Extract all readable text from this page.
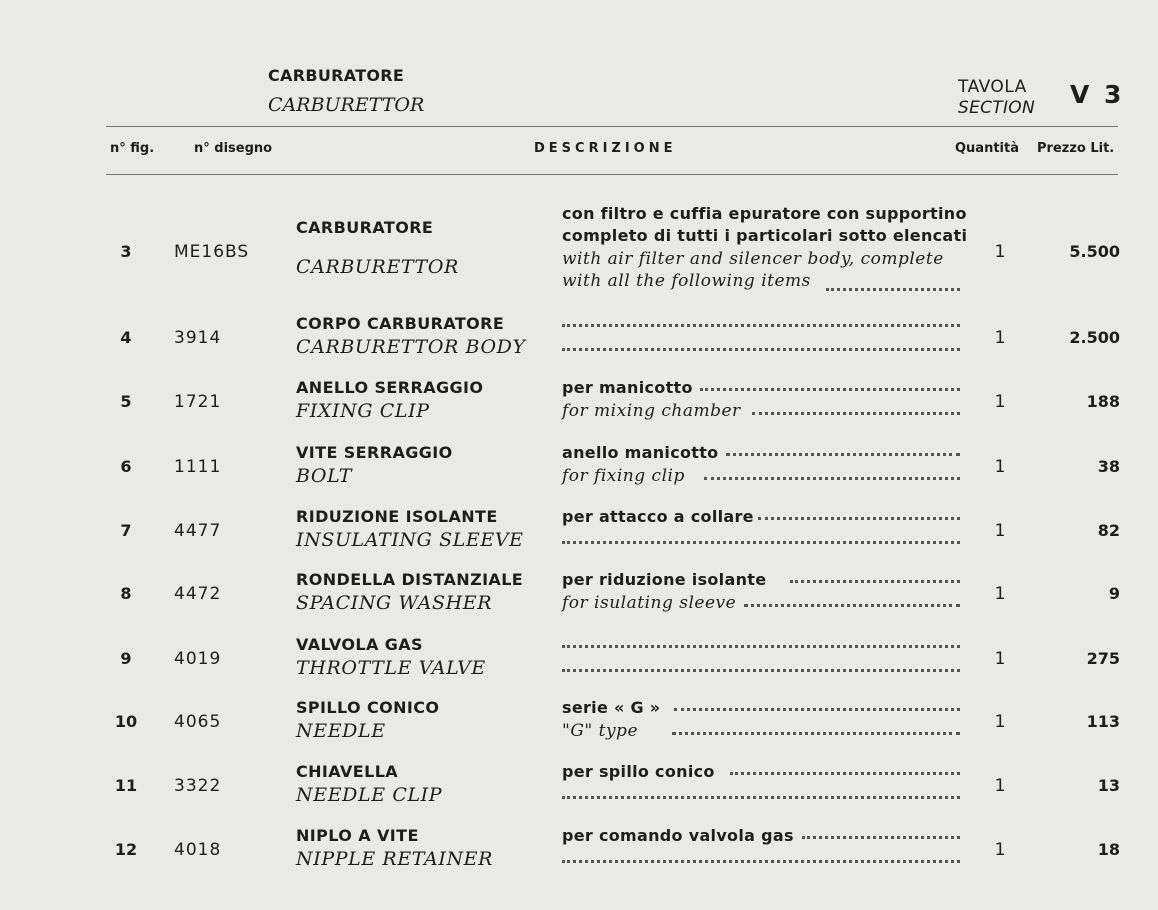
CARBURATORE
CARBURETTOR
TAVOLA
SECTION V 3
n° fig.	n° disegno	DESCRIZIONE	Quantità Prezzo Lit.
3	ME16BS
CARBURATORE
CARBURETTOR
con filtro e cuffia epuratore con supportino
completo di tutti i particolari sotto elencati
with air filter and silencer body, complete
with all the following items
1	5.500
4	3914
CORPO CARBURATORE
CARBURETTOR BODY	1	2.500
5	1721
ANELLO SERRAGGIO
FIXING CLIP
per manicotto
for mixing chamber	1	188
6	1111
VITE SERRAGGIO
BOLT
anello manicotto
for fixing clip	1	38
7	4477
RIDUZIONE ISOLANTE
INSULATING SLEEVE
per attacco a collare
1	82
8	4472
RONDELLA DISTANZIALE
SPACING WASHER
per riduzione isolante
for isulating sleeve	1	9
9	4019
VALVOLA GAS
THROTTLE VALVE	1	275
10	4065
SPILLO CONICO
NEEDLE
serie « G »
"G" type	1	113
11	3322
CHIAVELLA
NEEDLE CLIP
per spillo conico
1	13
12	4018
NIPLO A VITE
NIPPLE RETAINER
per comando valvola gas
1	18
